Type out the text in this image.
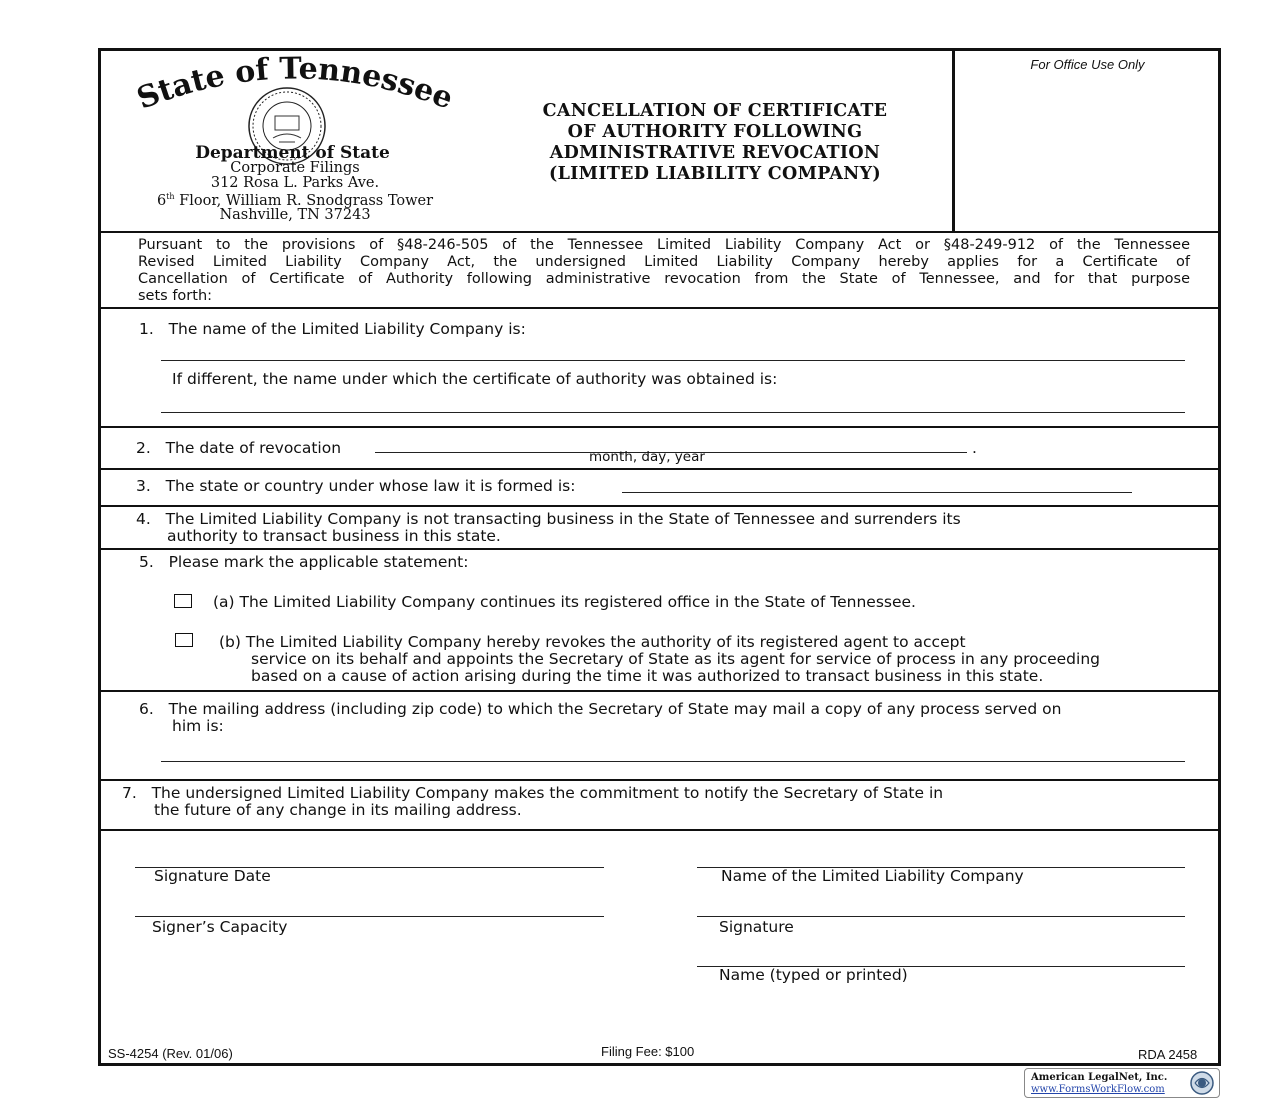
State of Tennessee
Department of State
Corporate Filings
312 Rosa L. Parks Ave.
6th Floor, William R. Snodgrass Tower
Nashville, TN 37243
CANCELLATION OF CERTIFICATE
OF AUTHORITY FOLLOWING
ADMINISTRATIVE REVOCATION
(LIMITED LIABILITY COMPANY)
For Office Use Only
Pursuant to the provisions of §48-246-505 of the Tennessee Limited Liability Company Act or §48-249-912 of the Tennessee
Revised Limited Liability Company Act, the undersigned Limited Liability Company hereby applies for a Certificate of
Cancellation of Certificate of Authority following administrative revocation from the State of Tennessee, and for that purpose
sets forth:
1. The name of the Limited Liability Company is:
If different, the name under which the certificate of authority was obtained is:
2. The date of revocation	month, day, year	.
3. The state or country under whose law it is formed is:
4. The Limited Liability Company is not transacting business in the State of Tennessee and surrenders its
authority to transact business in this state.
5. Please mark the applicable statement:
(a) The Limited Liability Company continues its registered office in the State of Tennessee.
(b) The Limited Liability Company hereby revokes the authority of its registered agent to accept
service on its behalf and appoints the Secretary of State as its agent for service of process in any proceeding
based on a cause of action arising during the time it was authorized to transact business in this state.
6. The mailing address (including zip code) to which the Secretary of State may mail a copy of any process served on
him is:
7. The undersigned Limited Liability Company makes the commitment to notify the Secretary of State in
the future of any change in its mailing address.
Signature Date	Name of the Limited Liability Company
Signer’s Capacity	Signature
Name (typed or printed)
SS-4254 (Rev. 01/06)	Filing Fee: $100	RDA 2458
American LegalNet, Inc.
www.FormsWorkFlow.com
